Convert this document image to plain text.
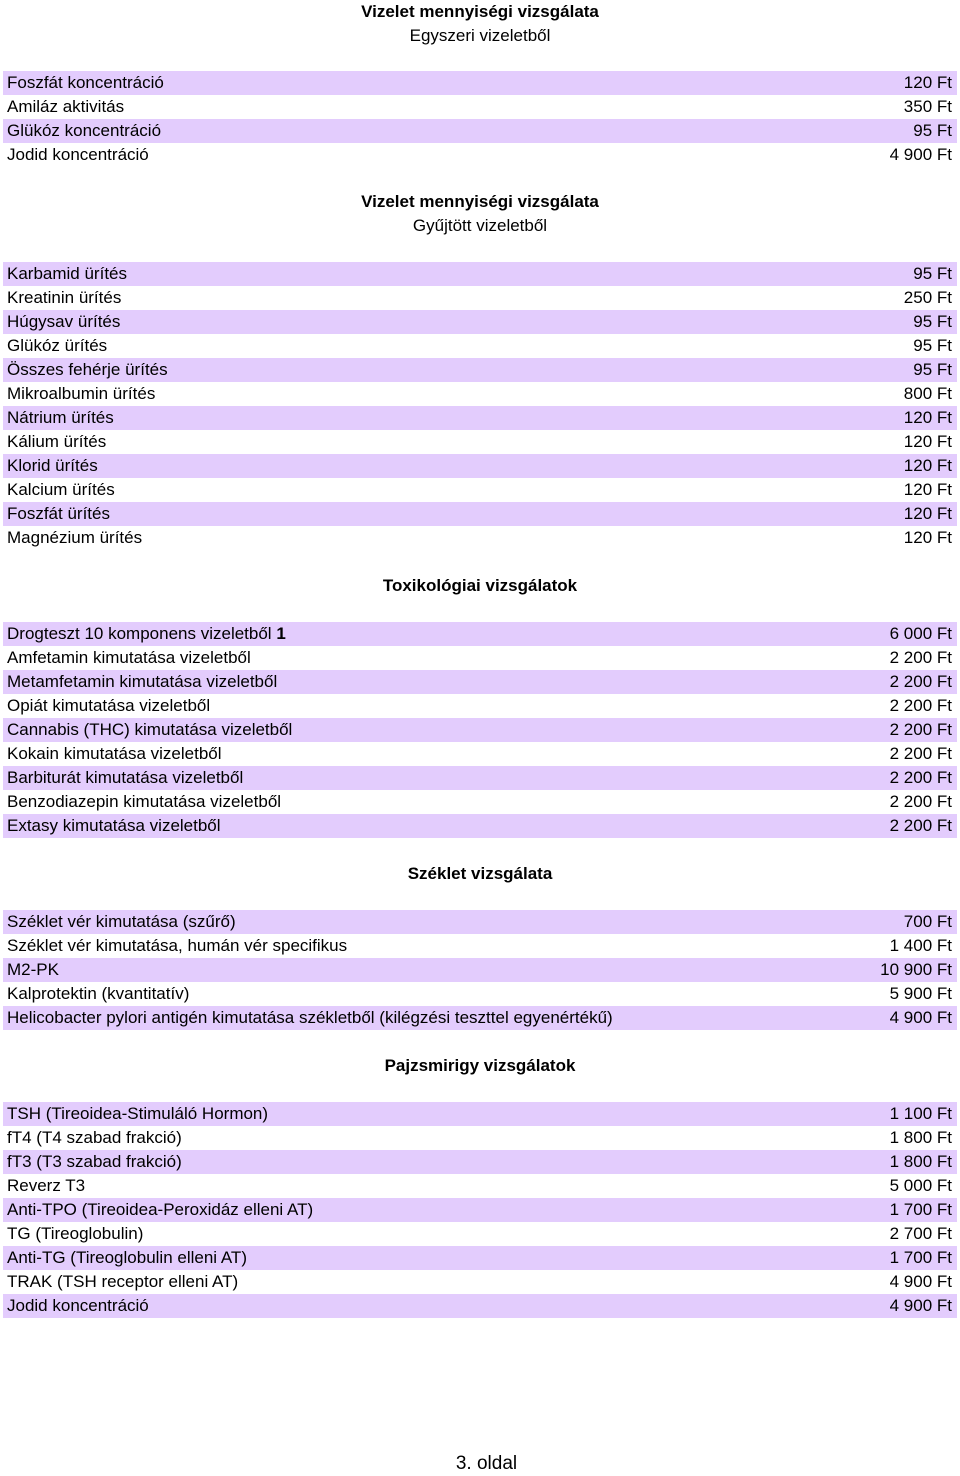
Vizelet mennyiségi vizsgálata
Egyszeri vizeletből
Foszfát koncentráció	120 Ft
Amiláz aktivitás	350 Ft
Glükóz koncentráció	95 Ft
Jodid koncentráció	4 900 Ft
Vizelet mennyiségi vizsgálata
Gyűjtött vizeletből
Karbamid ürítés	95 Ft
Kreatinin ürítés	250 Ft
Húgysav ürítés	95 Ft
Glükóz ürítés	95 Ft
Összes fehérje ürítés	95 Ft
Mikroalbumin ürítés	800 Ft
Nátrium ürítés	120 Ft
Kálium ürítés	120 Ft
Klorid ürítés	120 Ft
Kalcium ürítés	120 Ft
Foszfát ürítés	120 Ft
Magnézium ürítés	120 Ft
Toxikológiai vizsgálatok
Drogteszt 10 komponens vizeletből 1	6 000 Ft
Amfetamin kimutatása vizeletből	2 200 Ft
Metamfetamin kimutatása vizeletből	2 200 Ft
Opiát kimutatása vizeletből	2 200 Ft
Cannabis (THC) kimutatása vizeletből	2 200 Ft
Kokain kimutatása vizeletből	2 200 Ft
Barbiturát kimutatása vizeletből	2 200 Ft
Benzodiazepin kimutatása vizeletből	2 200 Ft
Extasy kimutatása vizeletből	2 200 Ft
Széklet vizsgálata
Széklet vér kimutatása (szűrő)	700 Ft
Széklet vér kimutatása, humán vér specifikus	1 400 Ft
M2-PK	10 900 Ft
Kalprotektin (kvantitatív)	5 900 Ft
Helicobacter pylori antigén kimutatása székletből (kilégzési teszttel egyenértékű)	4 900 Ft
Pajzsmirigy vizsgálatok
TSH (Tireoidea-Stimuláló Hormon)	1 100 Ft
fT4 (T4 szabad frakció)	1 800 Ft
fT3 (T3 szabad frakció)	1 800 Ft
Reverz T3	5 000 Ft
Anti-TPO (Tireoidea-Peroxidáz elleni AT)	1 700 Ft
TG (Tireoglobulin)	2 700 Ft
Anti-TG (Tireoglobulin elleni AT)	1 700 Ft
TRAK (TSH receptor elleni AT)	4 900 Ft
Jodid koncentráció	4 900 Ft
3. oldal
